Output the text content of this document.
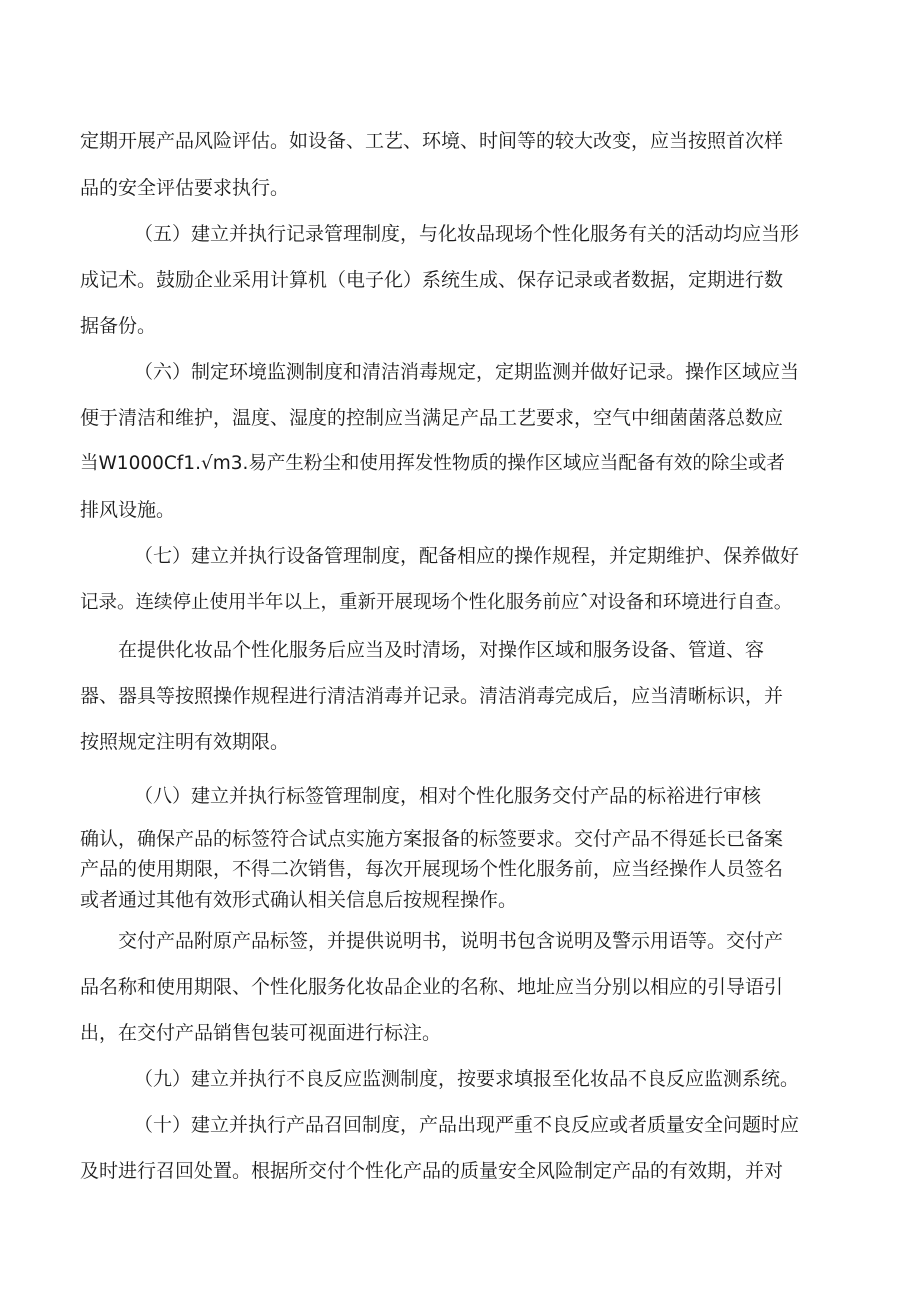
定期开展产品风险评估。如设备、工艺、环境、时间等的较大改变，应当按照首次样
品的安全评估要求执行。
（五）建立并执行记录管理制度，与化妆品现场个性化服务有关的活动均应当形
成记术。鼓励企业采用计算机（电子化）系统生成、保存记录或者数据，定期进行数
据备份。
（六）制定环境监测制度和清洁消毒规定，定期监测并做好记录。操作区域应当
便于清洁和维护，温度、湿度的控制应当满足产品工艺要求，空气中细菌菌落总数应
当W1000Cf1.√m3.易产生粉尘和使用挥发性物质的操作区域应当配备有效的除尘或者
排风设施。
（七）建立并执行设备管理制度，配备相应的操作规程，并定期维护、保养做好
记录。连续停止使用半年以上，重新开展现场个性化服务前应ˆ对设备和环境进行自查。
在提供化妆品个性化服务后应当及时清场，对操作区域和服务设备、管道、容
器、器具等按照操作规程进行清洁消毒并记录。清洁消毒完成后，应当清晰标识，并
按照规定注明有效期限。
（八）建立并执行标签管理制度，相对个性化服务交付产品的标裕进行审核
确认，确保产品的标签符合试点实施方案报备的标签要求。交付产品不得延长已备案
产品的使用期限，不得二次销售，每次开展现场个性化服务前，应当经操作人员签名
或者通过其他有效形式确认相关信息后按规程操作。
交付产品附原产品标签，并提供说明书，说明书包含说明及警示用语等。交付产
品名称和使用期限、个性化服务化妆品企业的名称、地址应当分别以相应的引导语引
出，在交付产品销售包装可视面进行标注。
（九）建立并执行不良反应监测制度，按要求填报至化妆品不良反应监测系统。
（十）建立并执行产品召回制度，产品出现严重不良反应或者质量安全问题时应
及时进行召回处置。根据所交付个性化产品的质量安全风险制定产品的有效期，并对
